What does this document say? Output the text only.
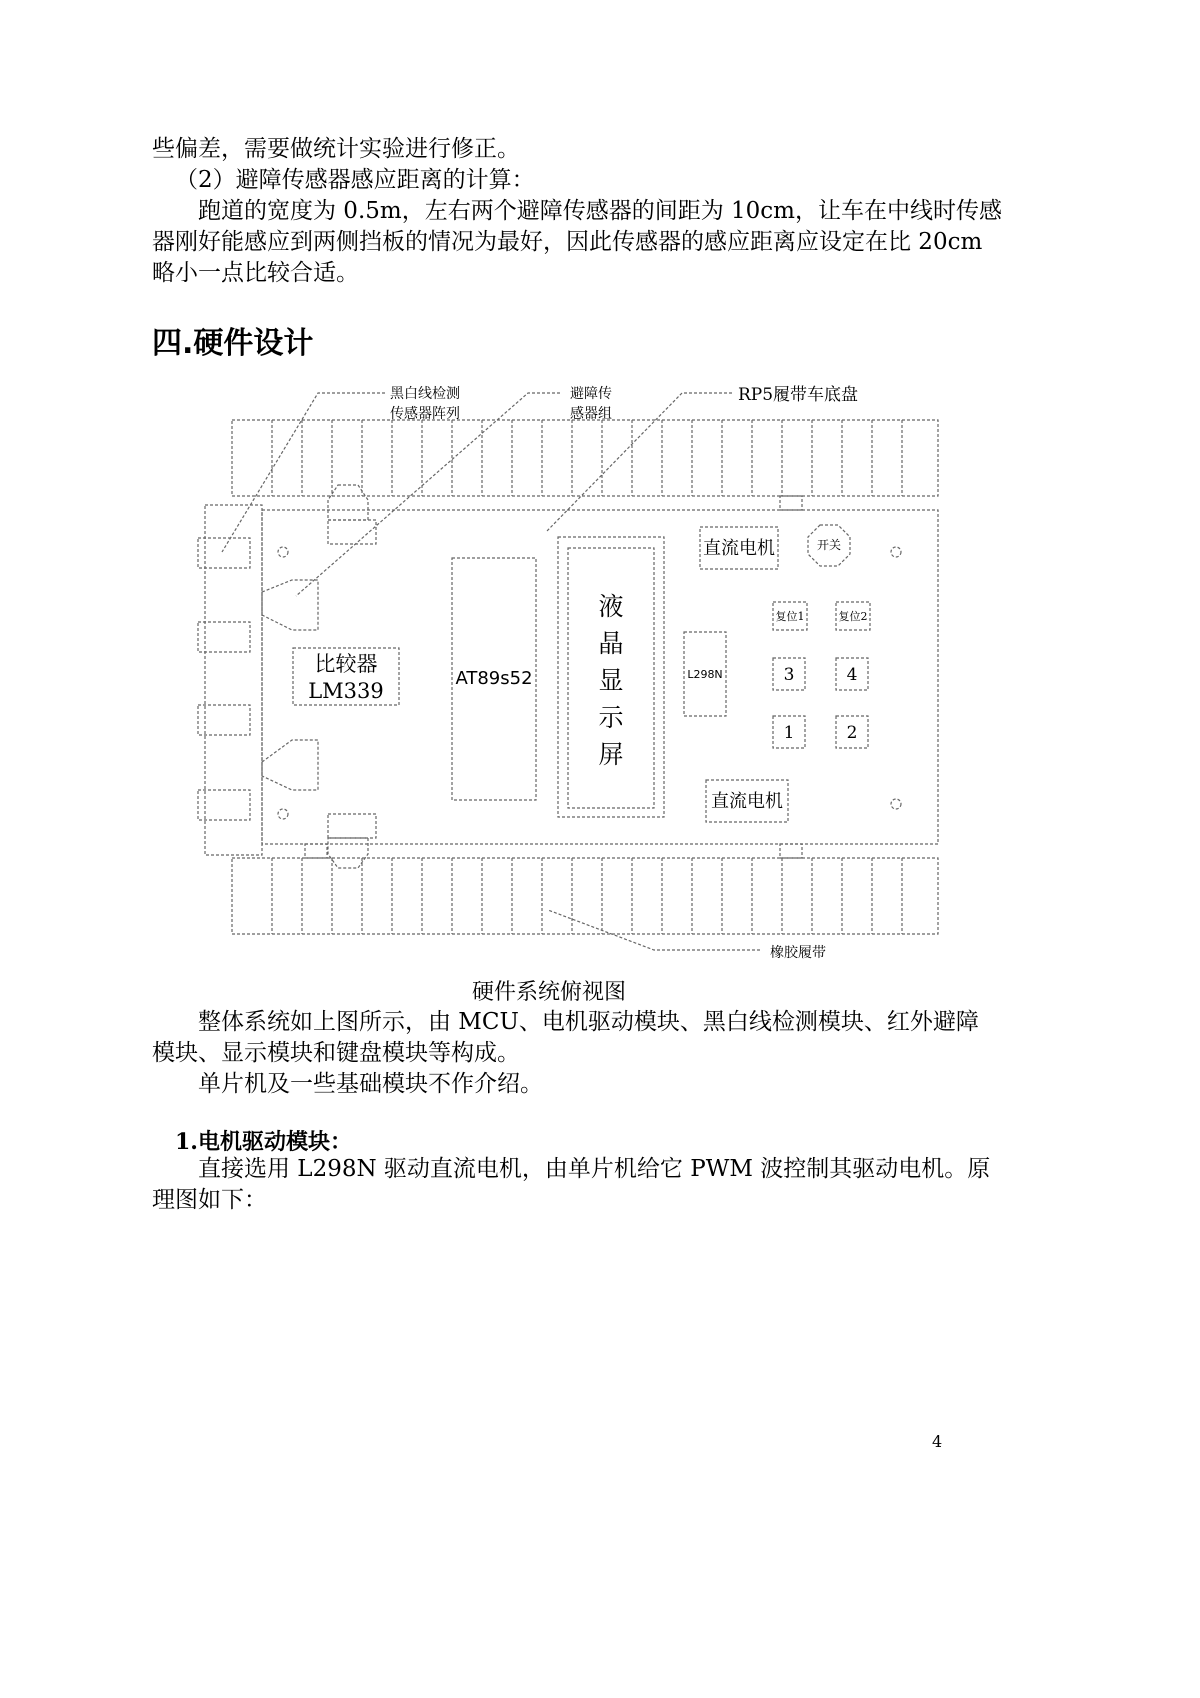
些偏差，需要做统计实验进行修正。
（2）避障传感器感应距离的计算：
跑道的宽度为 0.5m，左右两个避障传感器的间距为 10cm，让车在中线时传感
器刚好能感应到两侧挡板的情况为最好，因此传感器的感应距离应设定在比 20cm
略小一点比较合适。
四.硬件设计
黑白线检测
传感器阵列
避障传
感器组
RP5履带车底盘
橡胶履带
比较器
LM339
AT89s52
液
晶
显
示
屏
直流电机
直流电机
开关
L298N
复位1	复位2
3	4
1	2
硬件系统俯视图
整体系统如上图所示，由 MCU、电机驱动模块、黑白线检测模块、红外避障
模块、显示模块和键盘模块等构成。
单片机及一些基础模块不作介绍。
1.电机驱动模块：
直接选用 L298N 驱动直流电机，由单片机给它 PWM 波控制其驱动电机。原
理图如下：
4
